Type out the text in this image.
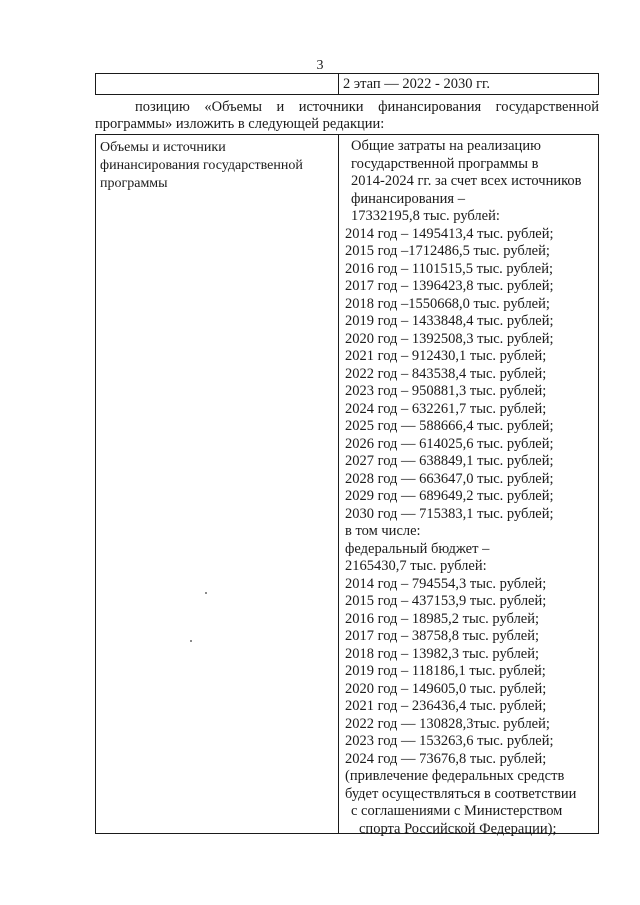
3
2 этап — 2022 - 2030 гг.
позицию «Объемы и источники финансирования государственной
программы» изложить в следующей редакции:
Объемы и источники
финансирования государственной
программы
Общие затраты на реализацию
государственной программы в
2014-2024 гг. за счет всех источников
финансирования –
17332195,8 тыс. рублей:
2014 год – 1495413,4 тыс. рублей;
2015 год –1712486,5 тыс. рублей;
2016 год – 1101515,5 тыс. рублей;
2017 год – 1396423,8 тыс. рублей;
2018 год –1550668,0 тыс. рублей;
2019 год – 1433848,4 тыс. рублей;
2020 год – 1392508,3 тыс. рублей;
2021 год – 912430,1 тыс. рублей;
2022 год – 843538,4 тыс. рублей;
2023 год – 950881,3 тыс. рублей;
2024 год – 632261,7 тыс. рублей;
2025 год — 588666,4 тыс. рублей;
2026 год — 614025,6 тыс. рублей;
2027 год — 638849,1 тыс. рублей;
2028 год — 663647,0 тыс. рублей;
2029 год — 689649,2 тыс. рублей;
2030 год — 715383,1 тыс. рублей;
в том числе:
федеральный бюджет –
2165430,7 тыс. рублей:
2014 год – 794554,3 тыс. рублей;
2015 год – 437153,9 тыс. рублей;
2016 год – 18985,2 тыс. рублей;
2017 год – 38758,8 тыс. рублей;
2018 год – 13982,3 тыс. рублей;
2019 год – 118186,1 тыс. рублей;
2020 год – 149605,0 тыс. рублей;
2021 год – 236436,4 тыс. рублей;
2022 год — 130828,3тыс. рублей;
2023 год — 153263,6 тыс. рублей;
2024 год — 73676,8 тыс. рублей;
(привлечение федеральных средств
будет осуществляться в соответствии
с соглашениями с Министерством
спорта Российской Федерации);
